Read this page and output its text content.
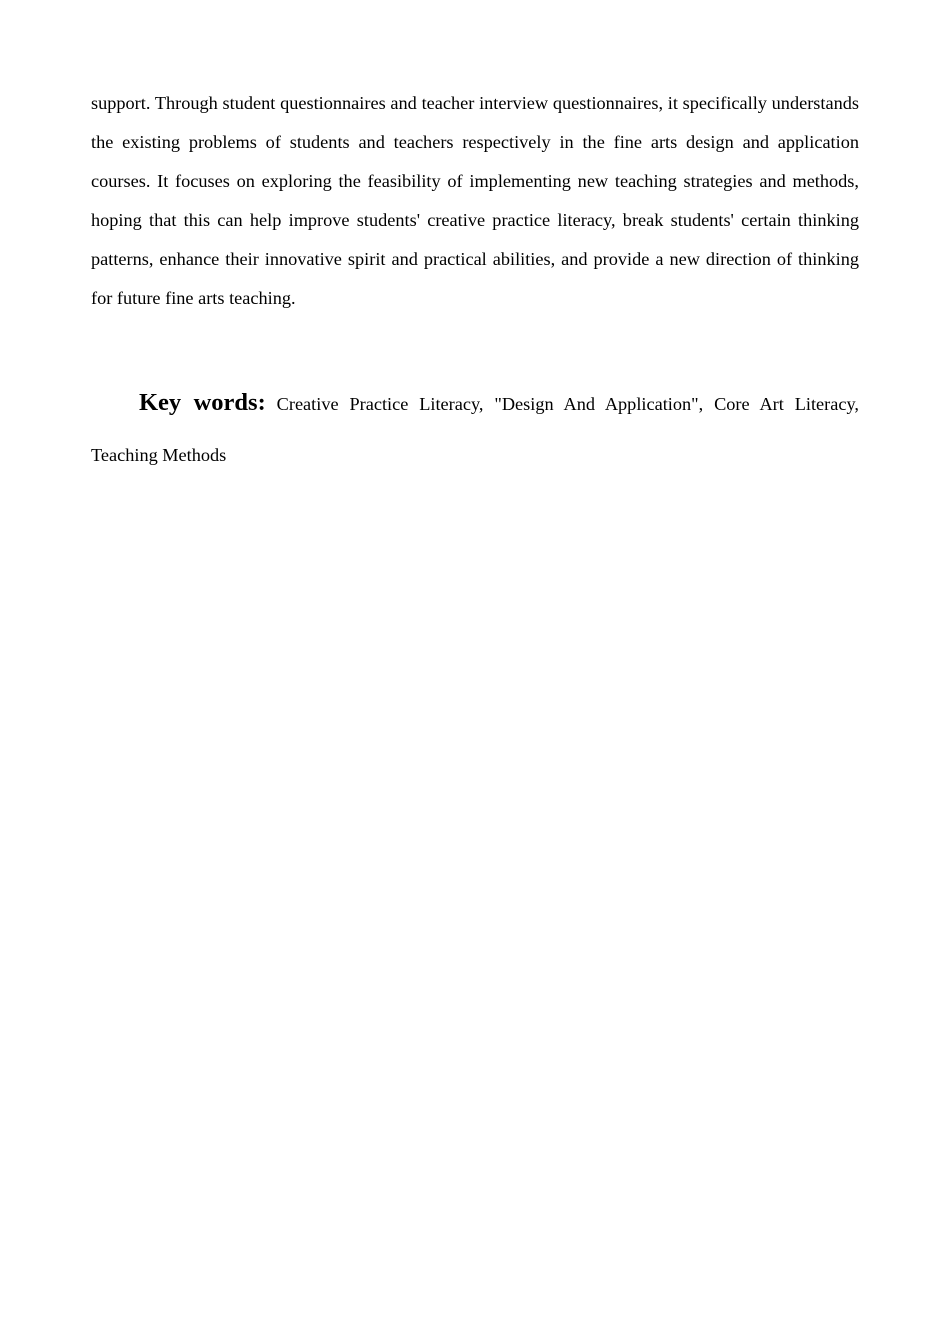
support. Through student questionnaires and teacher interview questionnaires, it specifically understands the existing problems of students and teachers respectively in the fine arts design and application courses. It focuses on exploring the feasibility of implementing new teaching strategies and methods, hoping that this can help improve students' creative practice literacy, break students' certain thinking patterns, enhance their innovative spirit and practical abilities, and provide a new direction of thinking for future fine arts teaching.

Key words: Creative Practice Literacy, "Design And Application", Core Art Literacy, Teaching Methods
